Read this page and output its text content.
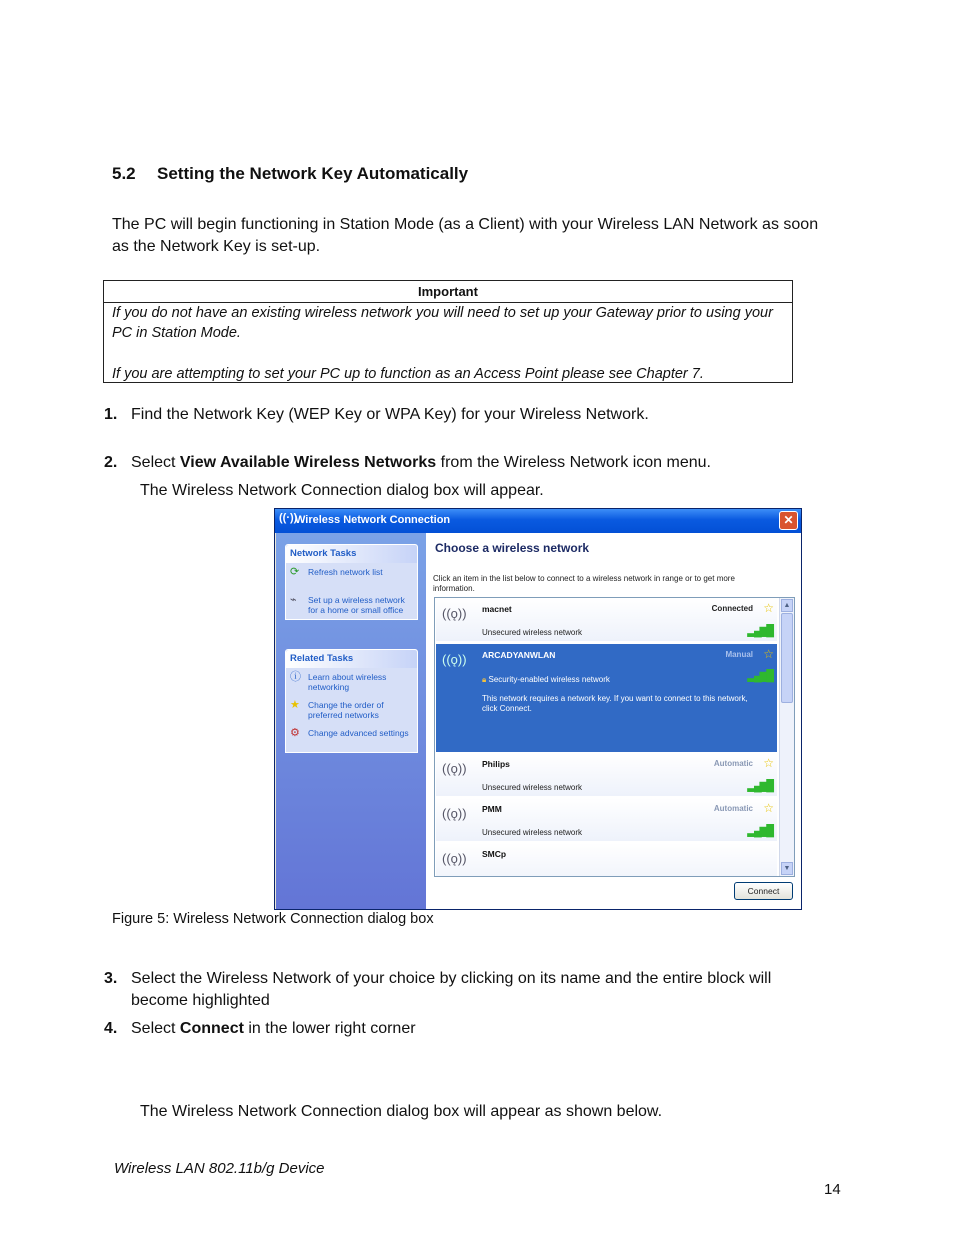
5.2 Setting the Network Key Automatically
The PC will begin functioning in Station Mode (as a Client) with your Wireless LAN Network as soon as the Network Key is set-up.
Important
If you do not have an existing wireless network you will need to set up your Gateway prior to using your PC in Station Mode.
If you are attempting to set your PC up to function as an Access Point please see Chapter 7.
1. Find the Network Key (WEP Key or WPA Key) for your Wireless Network.
2. Select View Available Wireless Networks from the Wireless Network icon menu.
The Wireless Network Connection dialog box will appear.
((·))
Wireless Network Connection	✕
Network Tasks
⟳ Refresh network list
⌁ Set up a wireless network for a home or small office
Related Tasks
ⓘ Learn about wireless networking
★ Change the order of preferred networks
⚙ Change advanced settings
Choose a wireless network
Click an item in the list below to connect to a wireless network in range or to get more information.
((ǫ)) macnet	Connected ☆
Unsecured wireless network	▂▄▆█
((ǫ)) ARCADYANWLAN	Manual ☆
🔒︎ Security-enabled wireless network	▂▄▆█
This network requires a network key. If you want to connect to this network, click Connect.
((ǫ)) Philips	Automatic ☆
Unsecured wireless network	▂▄▆█
((ǫ)) PMM	Automatic ☆
Unsecured wireless network	▂▄▆█
((ǫ)) SMCp
▲
▼
Connect
Figure 5: Wireless Network Connection dialog box
3. Select the Wireless Network of your choice by clicking on its name and the entire block will become highlighted
4. Select Connect in the lower right corner
The Wireless Network Connection dialog box will appear as shown below.
Wireless LAN 802.11b/g Device
14
